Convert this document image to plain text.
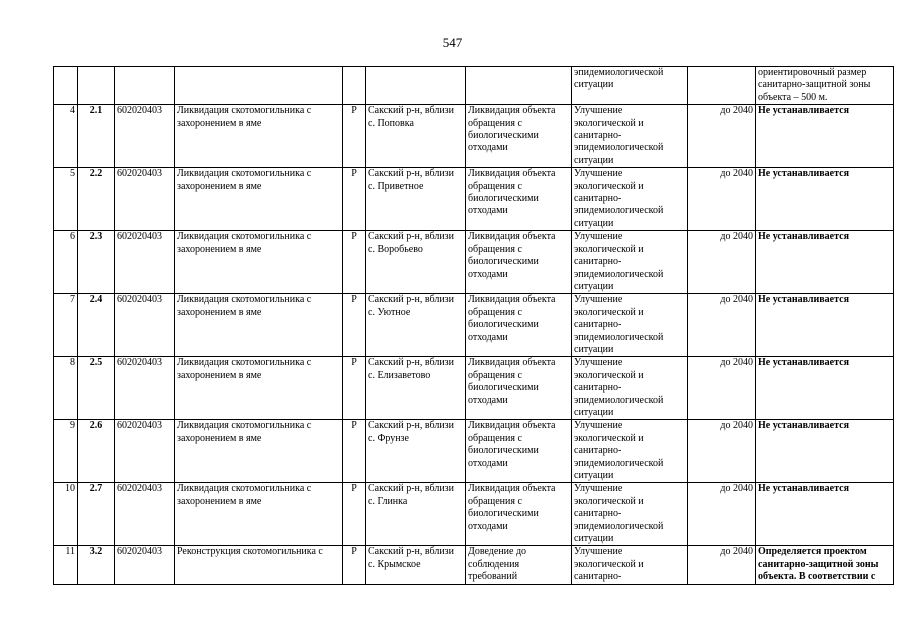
547
							эпидемиологической ситуации		ориентировочный размер санитарно-защитной зоны объекта – 500 м.
4	2.1	602020403	Ликвидация скотомогильника с захоронением в яме	Р	Сакский р-н, вблизи с. Поповка	Ликвидация объекта обращения с биологическими отходами	Улучшение экологической и санитарно-эпидемиологической ситуации	до 2040	Не устанавливается
5	2.2	602020403	Ликвидация скотомогильника с захоронением в яме	Р	Сакский р-н, вблизи с. Приветное	Ликвидация объекта обращения с биологическими отходами	Улучшение экологической и санитарно-эпидемиологической ситуации	до 2040	Не устанавливается
6	2.3	602020403	Ликвидация скотомогильника с захоронением в яме	Р	Сакский р-н, вблизи с. Воробьево	Ликвидация объекта обращения с биологическими отходами	Улучшение экологической и санитарно-эпидемиологической ситуации	до 2040	Не устанавливается
7	2.4	602020403	Ликвидация скотомогильника с захоронением в яме	Р	Сакский р-н, вблизи с. Уютное	Ликвидация объекта обращения с биологическими отходами	Улучшение экологической и санитарно-эпидемиологической ситуации	до 2040	Не устанавливается
8	2.5	602020403	Ликвидация скотомогильника с захоронением в яме	Р	Сакский р-н, вблизи с. Елизаветово	Ликвидация объекта обращения с биологическими отходами	Улучшение экологической и санитарно-эпидемиологической ситуации	до 2040	Не устанавливается
9	2.6	602020403	Ликвидация скотомогильника с захоронением в яме	Р	Сакский р-н, вблизи с. Фрунзе	Ликвидация объекта обращения с биологическими отходами	Улучшение экологической и санитарно-эпидемиологической ситуации	до 2040	Не устанавливается
10	2.7	602020403	Ликвидация скотомогильника с захоронением в яме	Р	Сакский р-н, вблизи с. Глинка	Ликвидация объекта обращения с биологическими отходами	Улучшение экологической и санитарно-эпидемиологической ситуации	до 2040	Не устанавливается
11	3.2	602020403	Реконструкция скотомогильника с	Р	Сакский р-н, вблизи с. Крымское	Доведение до соблюдения требований	Улучшение экологической и санитарно-	до 2040	Определяется проектом санитарно-защитной зоны объекта. В соответствии с
